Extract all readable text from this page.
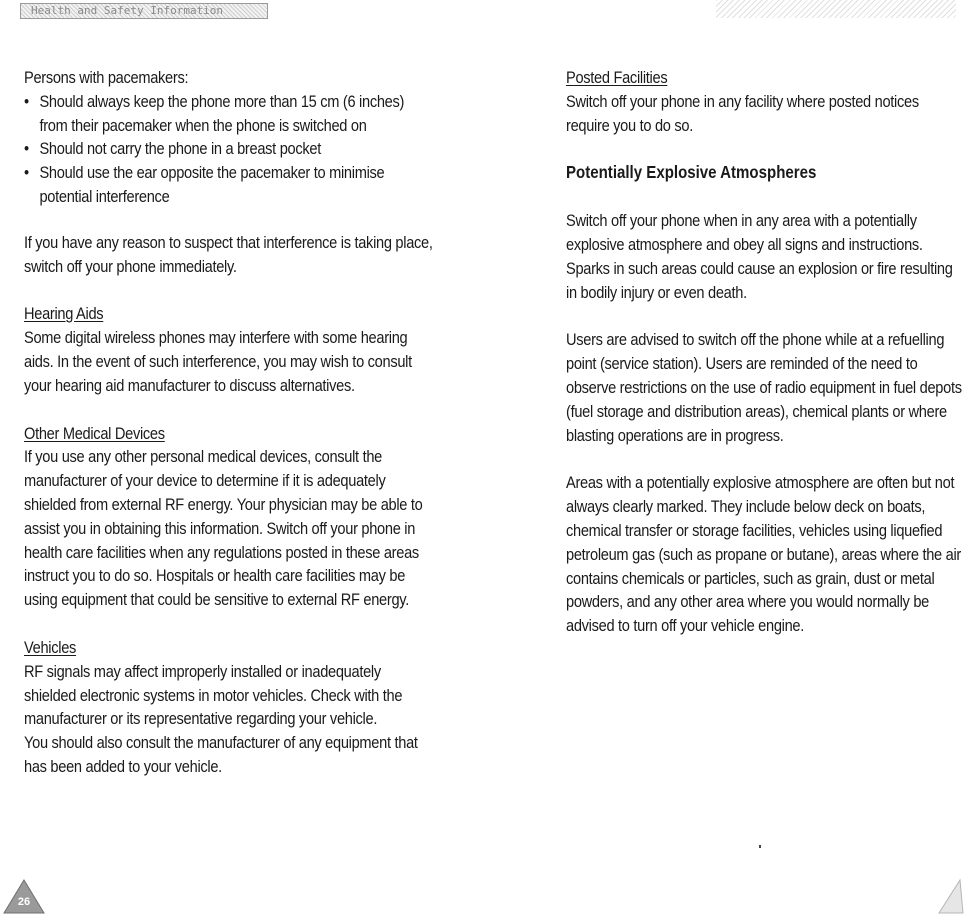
Health and Safety Information

Persons with pacemakers:

• Should always keep the phone more than 15 cm (6 inches) from their pacemaker when the phone is switched on
• Should not carry the phone in a breast pocket
• Should use the ear opposite the pacemaker to minimise potential interference

If you have any reason to suspect that interference is taking place, switch off your phone immediately.

Hearing Aids

Some digital wireless phones may interfere with some hearing aids. In the event of such interference, you may wish to consult your hearing aid manufacturer to discuss alternatives.

Other Medical Devices

If you use any other personal medical devices, consult the manufacturer of your device to determine if it is adequately shielded from external RF energy. Your physician may be able to assist you in obtaining this information. Switch off your phone in health care facilities when any regulations posted in these areas instruct you to do so. Hospitals or health care facilities may be using equipment that could be sensitive to external RF energy.

Vehicles

RF signals may affect improperly installed or inadequately shielded electronic systems in motor vehicles. Check with the manufacturer or its representative regarding your vehicle.

You should also consult the manufacturer of any equipment that has been added to your vehicle.

Posted Facilities

Switch off your phone in any facility where posted notices require you to do so.

Potentially Explosive Atmospheres

Switch off your phone when in any area with a potentially explosive atmosphere and obey all signs and instructions. Sparks in such areas could cause an explosion or fire resulting in bodily injury or even death.

Users are advised to switch off the phone while at a refuelling point (service station). Users are reminded of the need to observe restrictions on the use of radio equipment in fuel depots (fuel storage and distribution areas), chemical plants or where blasting operations are in progress.

Areas with a potentially explosive atmosphere are often but not always clearly marked. They include below deck on boats, chemical transfer or storage facilities, vehicles using liquefied petroleum gas (such as propane or butane), areas where the air contains chemicals or particles, such as grain, dust or metal powders, and any other area where you would normally be advised to turn off your vehicle engine.

26
